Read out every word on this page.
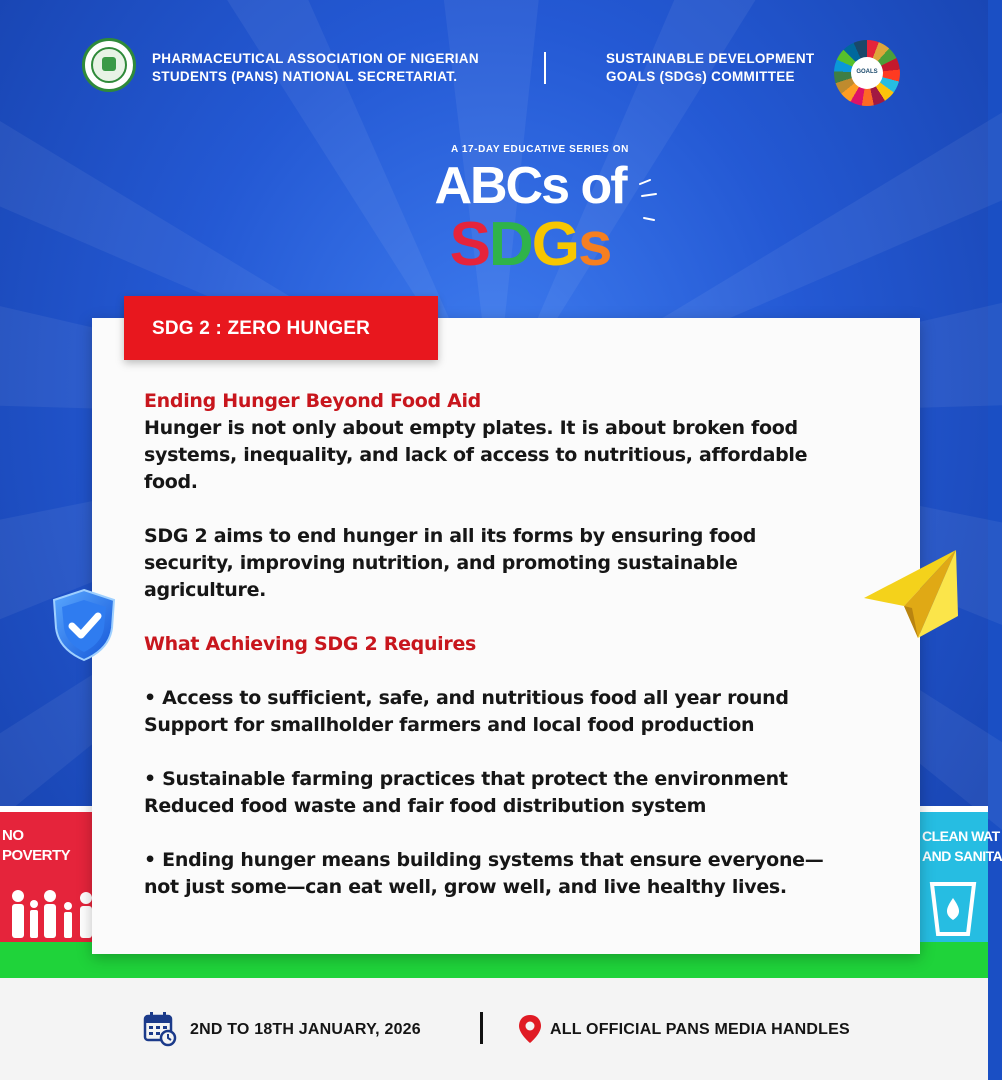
PHARMACEUTICAL ASSOCIATION OF NIGERIAN STUDENTS (PANS) NATIONAL SECRETARIAT.
SUSTAINABLE DEVELOPMENT GOALS (SDGs) COMMITTEE
GOALS
A 17-DAY EDUCATIVE SERIES ON
ABCs of
SDGs
NO
POVERTY
CLEAN WAT
AND SANITA
SDG 2 : ZERO HUNGER
Ending Hunger Beyond Food Aid

Hunger is not only about empty plates. It is about broken food systems, inequality, and lack of access to nutritious, affordable food.

SDG 2 aims to end hunger in all its forms by ensuring food security, improving nutrition, and promoting sustainable agriculture.

What Achieving SDG 2 Requires

• Access to sufficient, safe, and nutritious food all year round Support for smallholder farmers and local food production

• Sustainable farming practices that protect the environment Reduced food waste and fair food distribution system

• Ending hunger means building systems that ensure everyone—not just some—can eat well, grow well, and live healthy lives.

2ND TO 18TH JANUARY, 2026	ALL OFFICIAL PANS MEDIA HANDLES
